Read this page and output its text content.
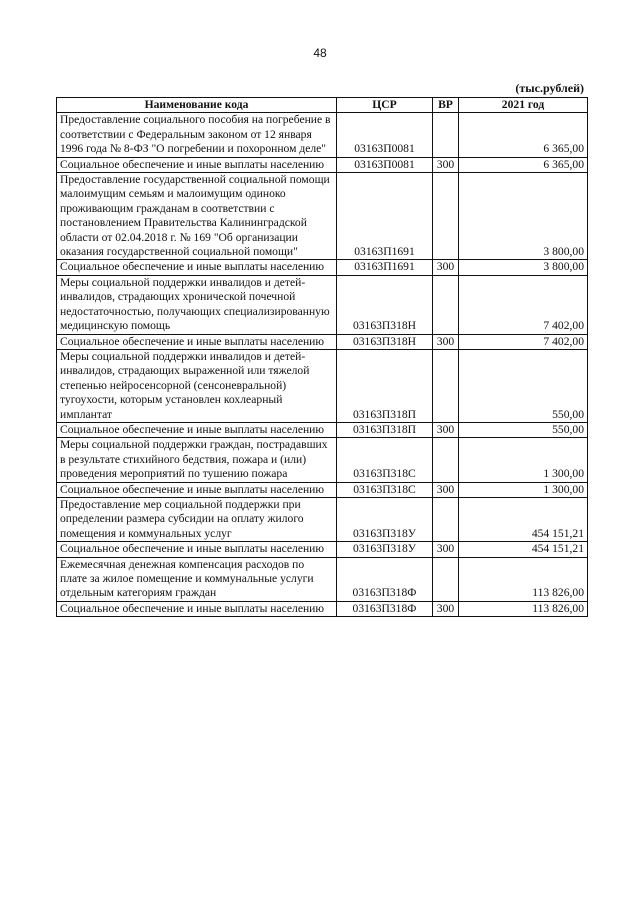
48
(тыс.рублей)
Наименование кода	ЦСР	ВР	2021 год
Предоставление социального пособия на погребение в соответствии с Федеральным законом от 12 января 1996 года № 8-ФЗ "О погребении и похоронном деле"	03163П0081		6 365,00
Социальное обеспечение и иные выплаты населению	03163П0081	300	6 365,00
Предоставление государственной социальной помощи малоимущим семьям и малоимущим одиноко проживающим гражданам в соответствии с постановлением Правительства Калининградской области от 02.04.2018 г. № 169 "Об организации оказания государственной социальной помощи"	03163П1691		3 800,00
Социальное обеспечение и иные выплаты населению	03163П1691	300	3 800,00
Меры социальной поддержки инвалидов и детей-инвалидов, страдающих хронической почечной недостаточностью, получающих специализированную медицинскую помощь	03163П318Н		7 402,00
Социальное обеспечение и иные выплаты населению	03163П318Н	300	7 402,00
Меры социальной поддержки инвалидов и детей-инвалидов, страдающих выраженной или тяжелой степенью нейросенсорной (сенсоневральной) тугоухости, которым установлен кохлеарный имплантат	03163П318П		550,00
Социальное обеспечение и иные выплаты населению	03163П318П	300	550,00
Меры социальной поддержки граждан, пострадавших в результате стихийного бедствия, пожара и (или) проведения мероприятий по тушению пожара	03163П318С		1 300,00
Социальное обеспечение и иные выплаты населению	03163П318С	300	1 300,00
Предоставление мер социальной поддержки при определении размера субсидии на оплату жилого помещения и коммунальных услуг	03163П318У		454 151,21
Социальное обеспечение и иные выплаты населению	03163П318У	300	454 151,21
Ежемесячная денежная компенсация расходов по плате за жилое помещение и коммунальные услуги отдельным категориям граждан	03163П318Ф		113 826,00
Социальное обеспечение и иные выплаты населению	03163П318Ф	300	113 826,00
